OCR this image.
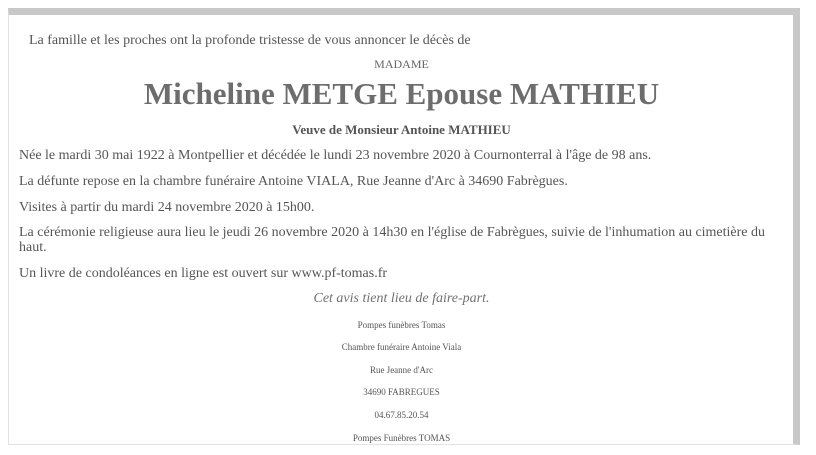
La famille et les proches ont la profonde tristesse de vous annoncer le décès de
MADAME
Micheline METGE Epouse MATHIEU
Veuve de Monsieur Antoine MATHIEU
Née le mardi 30 mai 1922 à Montpellier et décédée le lundi 23 novembre 2020 à Cournonterral à l'âge de 98 ans.
La défunte repose en la chambre funéraire Antoine VIALA, Rue Jeanne d'Arc à 34690 Fabrègues.
Visites à partir du mardi 24 novembre 2020 à 15h00.
La cérémonie religieuse aura lieu le jeudi 26 novembre 2020 à 14h30 en l'église de Fabrègues, suivie de l'inhumation au cimetière du haut.
Un livre de condoléances en ligne est ouvert sur www.pf-tomas.fr
Cet avis tient lieu de faire-part.
Pompes funèbres Tomas
Chambre funéraire Antoine Viala
Rue Jeanne d'Arc
34690 FABREGUES
04.67.85.20.54
Pompes Funèbres TOMAS
